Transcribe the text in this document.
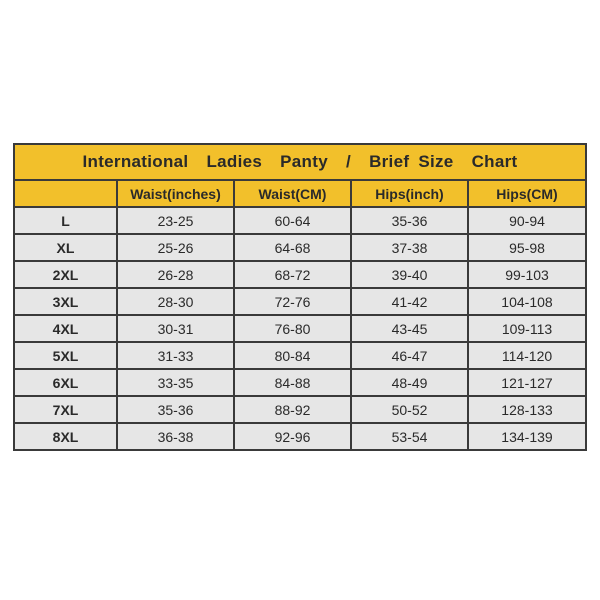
International  Ladies  Panty  /  Brief Size  Chart
	Waist(inches)	Waist(CM)	Hips(inch)	Hips(CM)
L	23-25	60-64	35-36	90-94
XL	25-26	64-68	37-38	95-98
2XL	26-28	68-72	39-40	99-103
3XL	28-30	72-76	41-42	104-108
4XL	30-31	76-80	43-45	109-113
5XL	31-33	80-84	46-47	114-120
6XL	33-35	84-88	48-49	121-127
7XL	35-36	88-92	50-52	128-133
8XL	36-38	92-96	53-54	134-139
